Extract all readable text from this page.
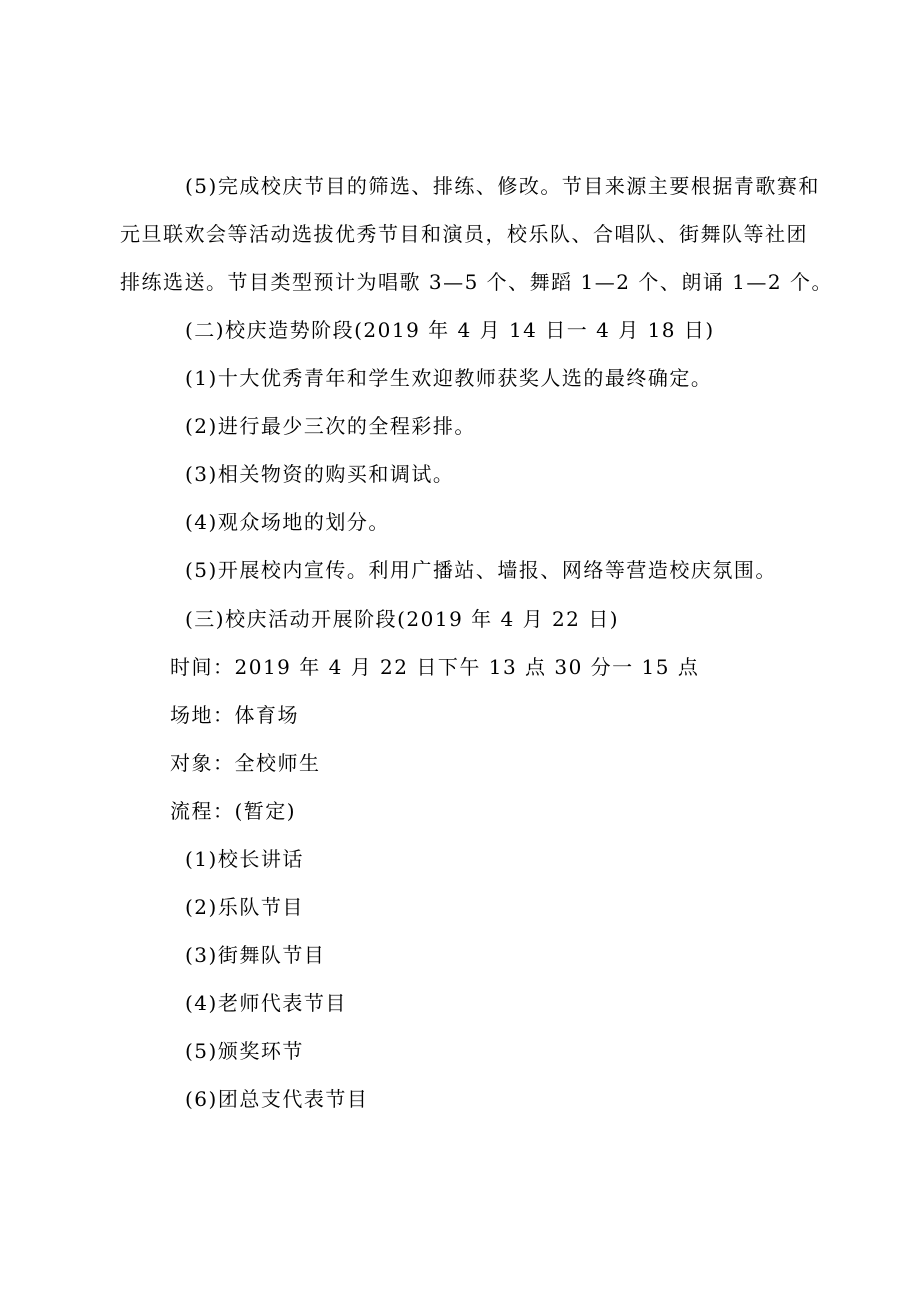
(5)完成校庆节目的筛选、排练、修改。节目来源主要根据青歌赛和
元旦联欢会等活动选拔优秀节目和演员，校乐队、合唱队、街舞队等社团
排练选送。节目类型预计为唱歌 3—5 个、舞蹈 1—2 个、朗诵 1—2 个。
(二)校庆造势阶段(2019 年 4 月 14 日一 4 月 18 日)
(1)十大优秀青年和学生欢迎教师获奖人选的最终确定。
(2)进行最少三次的全程彩排。
(3)相关物资的购买和调试。
(4)观众场地的划分。
(5)开展校内宣传。利用广播站、墙报、网络等营造校庆氛围。
(三)校庆活动开展阶段(2019 年 4 月 22 日)
时间：2019 年 4 月 22 日下午 13 点 30 分一 15 点
场地：体育场
对象：全校师生
流程：(暂定)
(1)校长讲话
(2)乐队节目
(3)街舞队节目
(4)老师代表节目
(5)颁奖环节
(6)团总支代表节目
